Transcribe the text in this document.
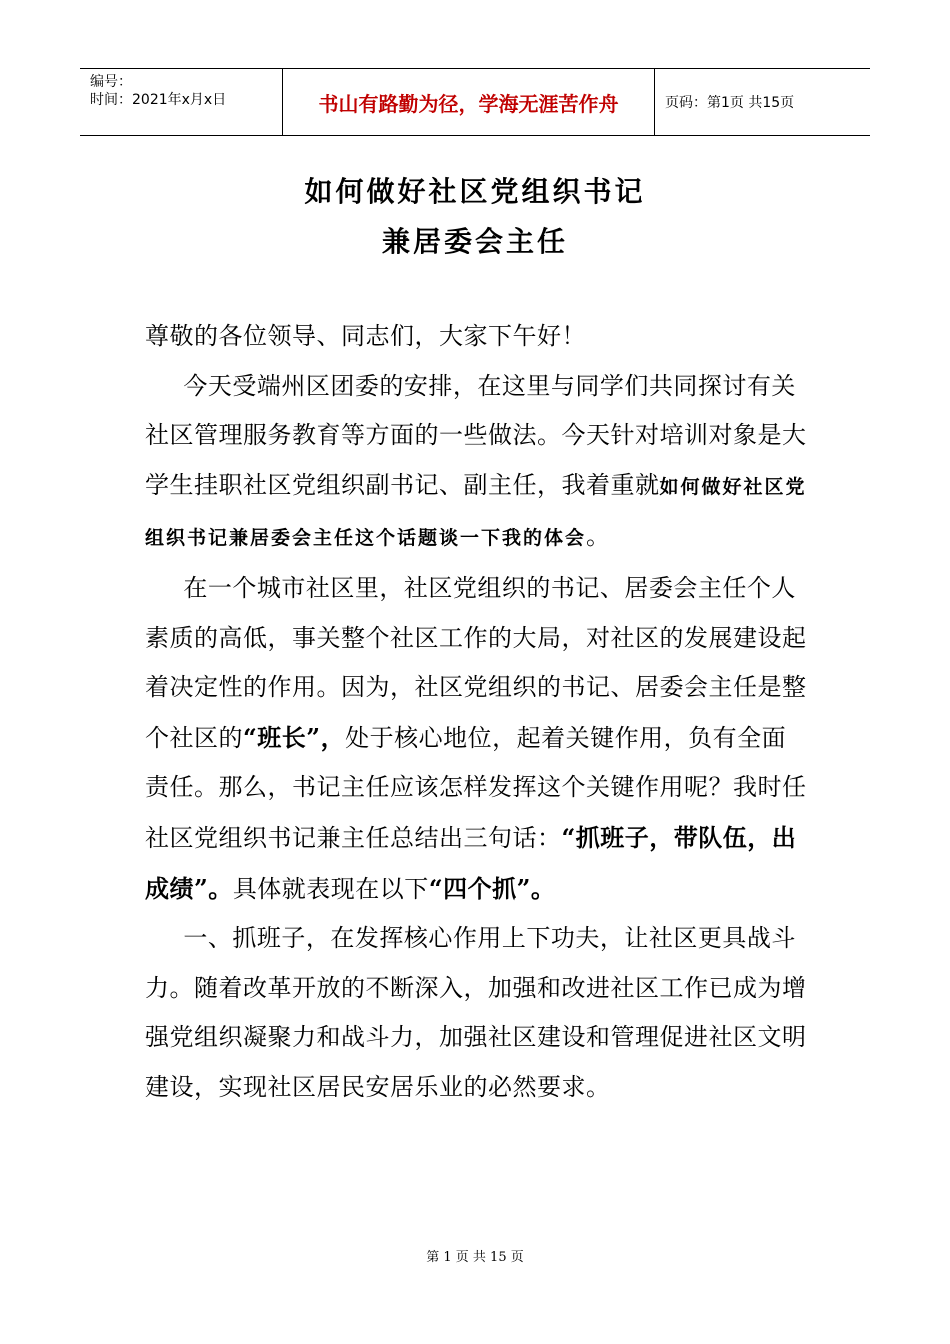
编号：
时间：2021年x月x日	书山有路勤为径，学海无涯苦作舟	页码：第1页 共15页
如何做好社区党组织书记
兼居委会主任

尊敬的各位领导、同志们，大家下午好！

今天受端州区团委的安排，在这里与同学们共同探讨有关社区管理服务教育等方面的一些做法。今天针对培训对象是大学生挂职社区党组织副书记、副主任，我着重就如何做好社区党组织书记兼居委会主任这个话题谈一下我的体会。

在一个城市社区里，社区党组织的书记、居委会主任个人素质的高低，事关整个社区工作的大局，对社区的发展建设起着决定性的作用。因为，社区党组织的书记、居委会主任是整个社区的“班长”，处于核心地位，起着关键作用，负有全面责任。那么，书记主任应该怎样发挥这个关键作用呢？我时任社区党组织书记兼主任总结出三句话：“抓班子，带队伍，出成绩”。具体就表现在以下“四个抓”。

一、抓班子，在发挥核心作用上下功夫，让社区更具战斗力。随着改革开放的不断深入，加强和改进社区工作已成为增强党组织凝聚力和战斗力，加强社区建设和管理促进社区文明建设，实现社区居民安居乐业的必然要求。

第 1 页 共 15 页
